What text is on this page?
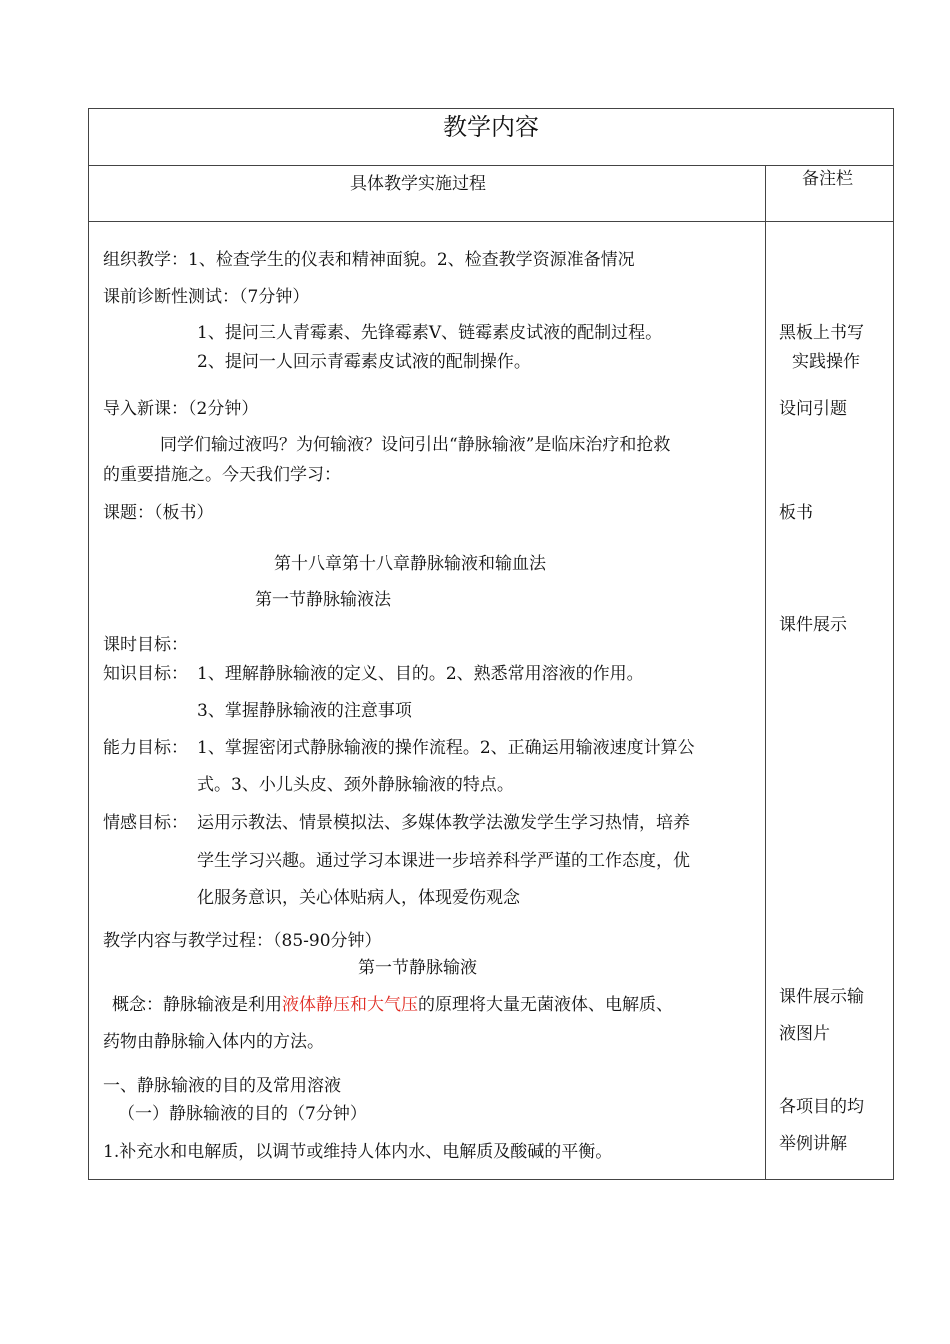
教学内容
具体教学实施过程	备注栏
组织教学：1、检查学生的仪表和精神面貌。2、检查教学资源准备情况
课前诊断性测试：（7分钟）
1、提问三人青霉素、先锋霉素Ⅴ、链霉素皮试液的配制过程。
2、提问一人回示青霉素皮试液的配制操作。
导入新课：（2分钟）
同学们输过液吗？为何输液？设问引出“静脉输液”是临床治疗和抢救
的重要措施之。今天我们学习：
课题：（板书）
第十八章第十八章静脉输液和输血法
第一节静脉输液法
课时目标：
知识目标： 1、理解静脉输液的定义、目的。2、熟悉常用溶液的作用。
3、掌握静脉输液的注意事项
能力目标： 1、掌握密闭式静脉输液的操作流程。2、正确运用输液速度计算公
式。3、小儿头皮、颈外静脉输液的特点。
情感目标： 运用示教法、情景模拟法、多媒体教学法激发学生学习热情，培养
学生学习兴趣。通过学习本课进一步培养科学严谨的工作态度，优
化服务意识，关心体贴病人，体现爱伤观念
教学内容与教学过程：（85-90分钟）
第一节静脉输液
概念：静脉输液是利用液体静压和大气压的原理将大量无菌液体、电解质、
药物由静脉输入体内的方法。
一、静脉输液的目的及常用溶液
（一）静脉输液的目的（7分钟）
1.补充水和电解质，以调节或维持人体内水、电解质及酸碱的平衡。
黑板上书写
实践操作
设问引题
板书
课件展示
课件展示输
液图片
各项目的均
举例讲解
